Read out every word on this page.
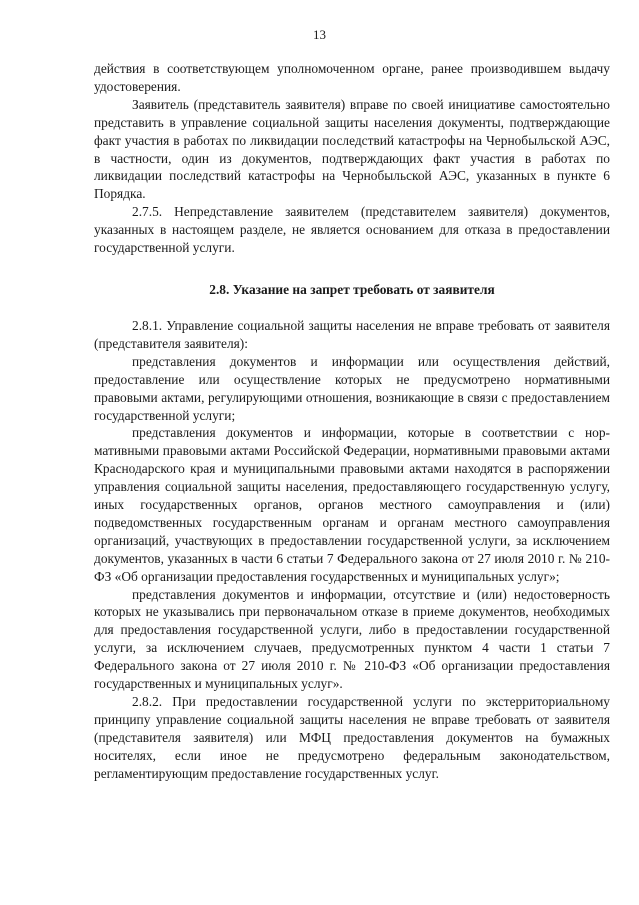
13

действия в соответствующем уполномоченном органе, ранее производившем выдачу удостоверения.

Заявитель (представитель заявителя) вправе по своей инициативе самостоятельно представить в управление социальной защиты населения документы, подтверждающие факт участия в работах по ликвидации последствий катастрофы на Чернобыльской АЭС, в частности, один из документов, подтверждающих факт участия в работах по ликвидации последствий катастрофы на Чернобыльской АЭС, указанных в пункте 6 Порядка.

2.7.5. Непредставление заявителем (представителем заявителя) документов, указанных в настоящем разделе, не является основанием для отказа в предоставлении государственной услуги.

2.8. Указание на запрет требовать от заявителя

2.8.1. Управление социальной защиты населения не вправе требовать от заявителя (представителя заявителя):

представления документов и информации или осуществления действий, предоставление или осуществление которых не предусмотрено нормативными правовыми актами, регулирующими отношения, возникающие в связи с предоставлением государственной услуги;

представления документов и информации, которые в соответствии с нормативными правовыми актами Российской Федерации, нормативными правовыми актами Краснодарского края и муниципальными правовыми актами находятся в распоряжении управления социальной защиты населения, предоставляющего государственную услугу, иных государственных органов, органов местного самоуправления и (или) подведомственных государственным органам и органам местного самоуправления организаций, участвующих в предоставлении государственной услуги, за исключением документов, указанных в части 6 статьи 7 Федерального закона от 27 июля 2010 г. № 210-ФЗ «Об организации предоставления государственных и муниципальных услуг»;

представления документов и информации, отсутствие и (или) недостоверность которых не указывались при первоначальном отказе в приеме документов, необходимых для предоставления государственной услуги, либо в предоставлении государственной услуги, за исключением случаев, предусмотренных пунктом 4 части 1 статьи 7 Федерального закона от 27 июля 2010 г. № 210-ФЗ «Об организации предоставления государственных и муниципальных услуг».

2.8.2. При предоставлении государственной услуги по экстерриториальному принципу управление социальной защиты населения не вправе требовать от заявителя (представителя заявителя) или МФЦ предоставления документов на бумажных носителях, если иное не предусмотрено федеральным законодательством, регламентирующим предоставление государственных услуг.
